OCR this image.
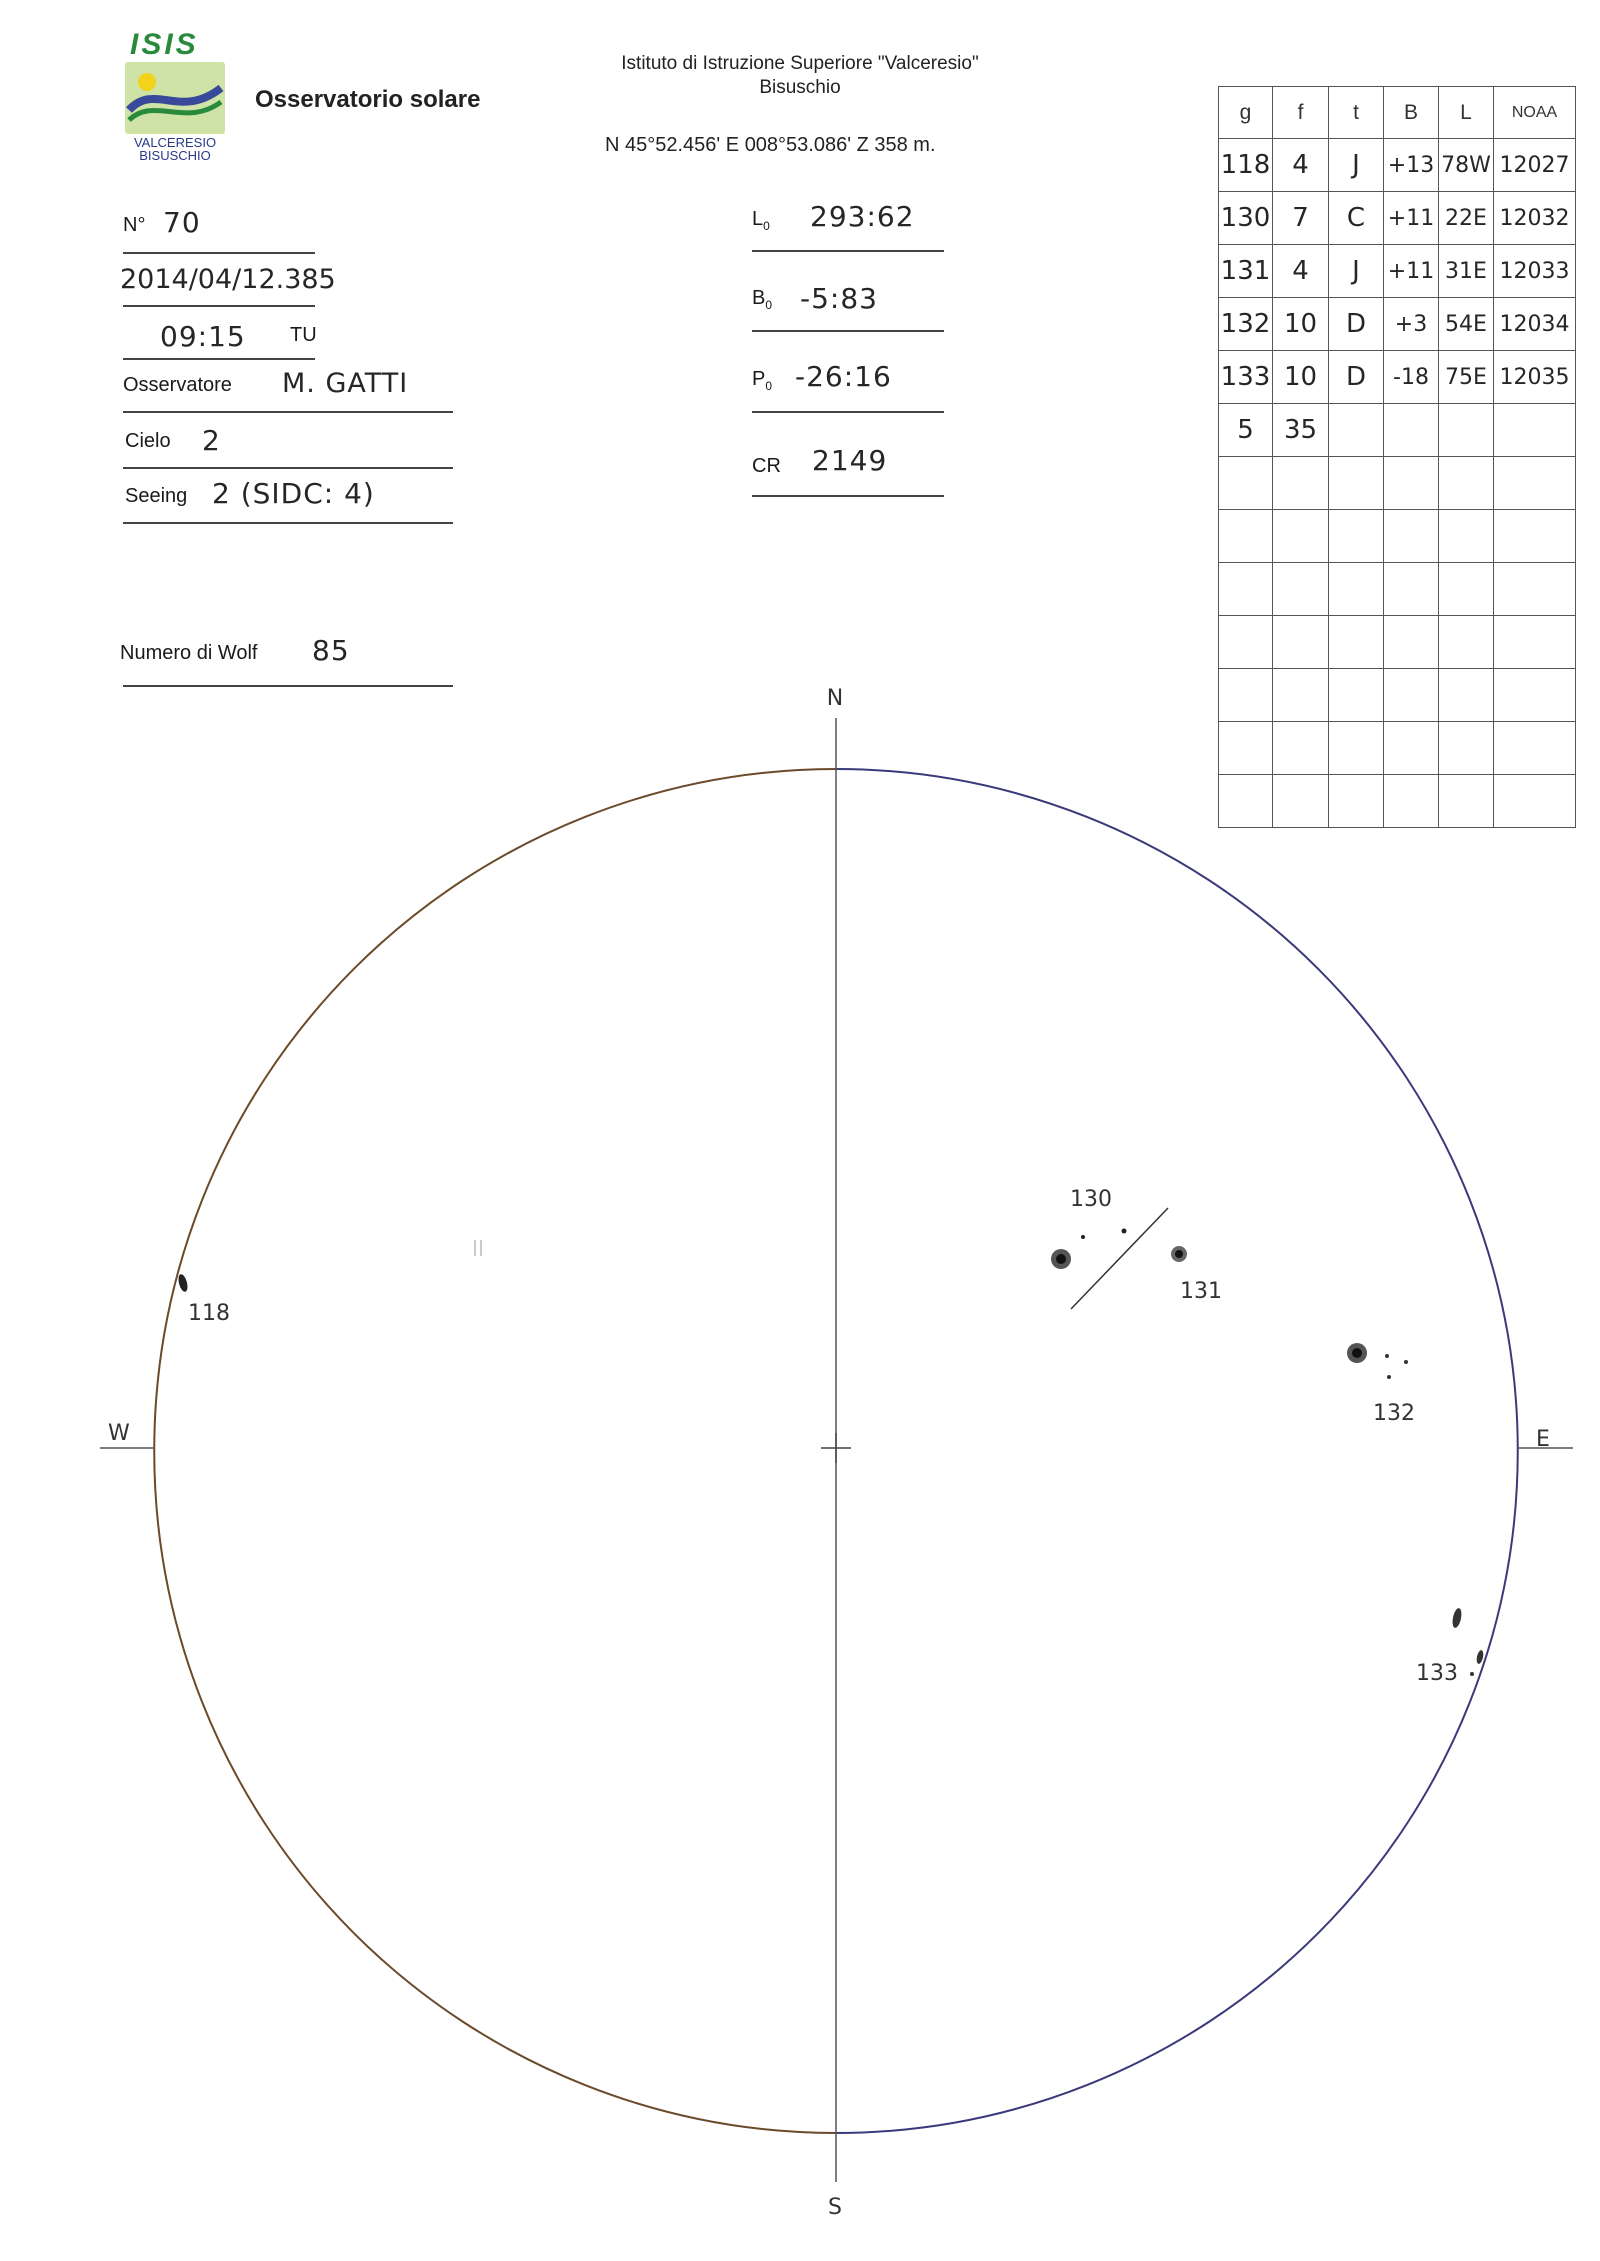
ISIS
VALCERESIO
BISUSCHIO
Osservatorio solare
Istituto di Istruzione Superiore "Valceresio"
Bisuschio
N 45°52.456' E 008°53.086' Z 358 m.
N° 70
2014/04/12.385
09:15 TU
Osservatore M. GATTI
Cielo 2
Seeing 2 (SIDC: 4)
Numero di Wolf 85
$L_0$ 293:62
$B_0$ -5:83
$P_0$ -26:16
CR 2149
g	f	t	B	L	NOAA
118	4	J	+13	78W	12027
130	7	C	+11	22E	12032
131	4	J	+11	31E	12033
132	10	D	+3	54E	12034
133	10	D	-18	75E	12035
5	35				

N
S
W	E
118
130
131
132
133
